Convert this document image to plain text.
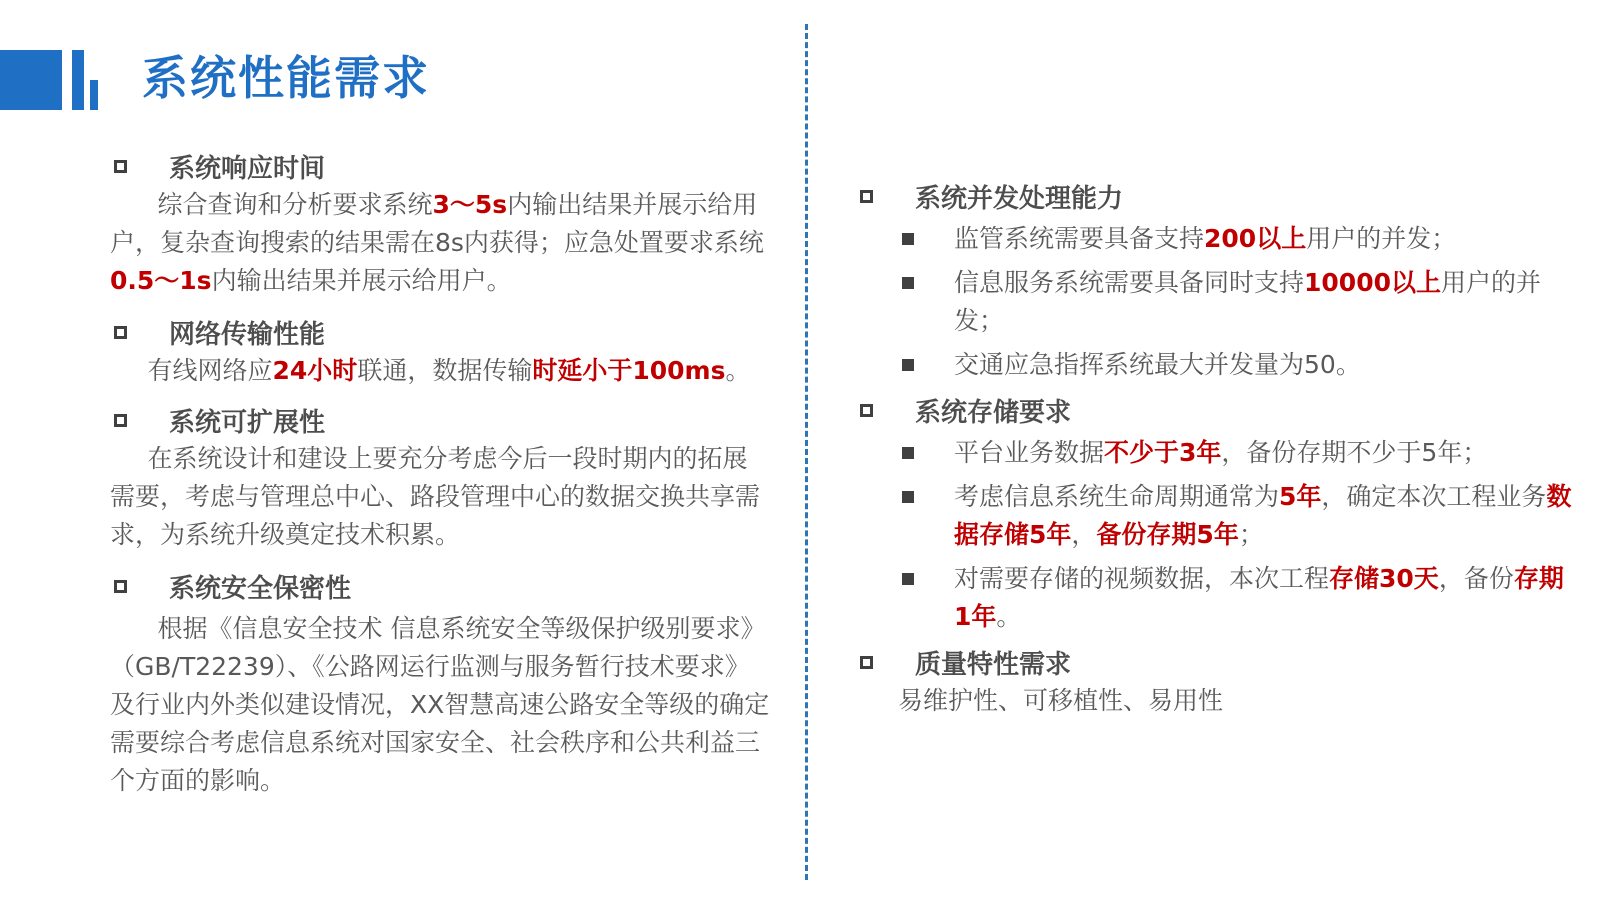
系统性能需求
系统响应时间

综合查询和分析要求系统3～5s内输出结果并展示给用户，复杂查询搜索的结果需在8s内获得；应急处置要求系统0.5～1s内输出结果并展示给用户。

网络传输性能

有线网络应24小时联通，数据传输时延小于100ms。

系统可扩展性

在系统设计和建设上要充分考虑今后一段时期内的拓展需要，考虑与管理总中心、路段管理中心的数据交换共享需求，为系统升级奠定技术积累。

系统安全保密性

根据《信息安全技术 信息系统安全等级保护级别要求》（GB/T22239）、《公路网运行监测与服务暂行技术要求》及行业内外类似建设情况，XX智慧高速公路安全等级的确定需要综合考虑信息系统对国家安全、社会秩序和公共利益三个方面的影响。

系统并发处理能力
监管系统需要具备支持200以上用户的并发；
信息服务系统需要具备同时支持10000以上用户的并发；
交通应急指挥系统最大并发量为50。
系统存储要求
平台业务数据不少于3年，备份存期不少于5年；
考虑信息系统生命周期通常为5年，确定本次工程业务数据存储5年，备份存期5年；
对需要存储的视频数据，本次工程存储30天，备份存期1年。
质量特性需求

易维护性、可移植性、易用性
